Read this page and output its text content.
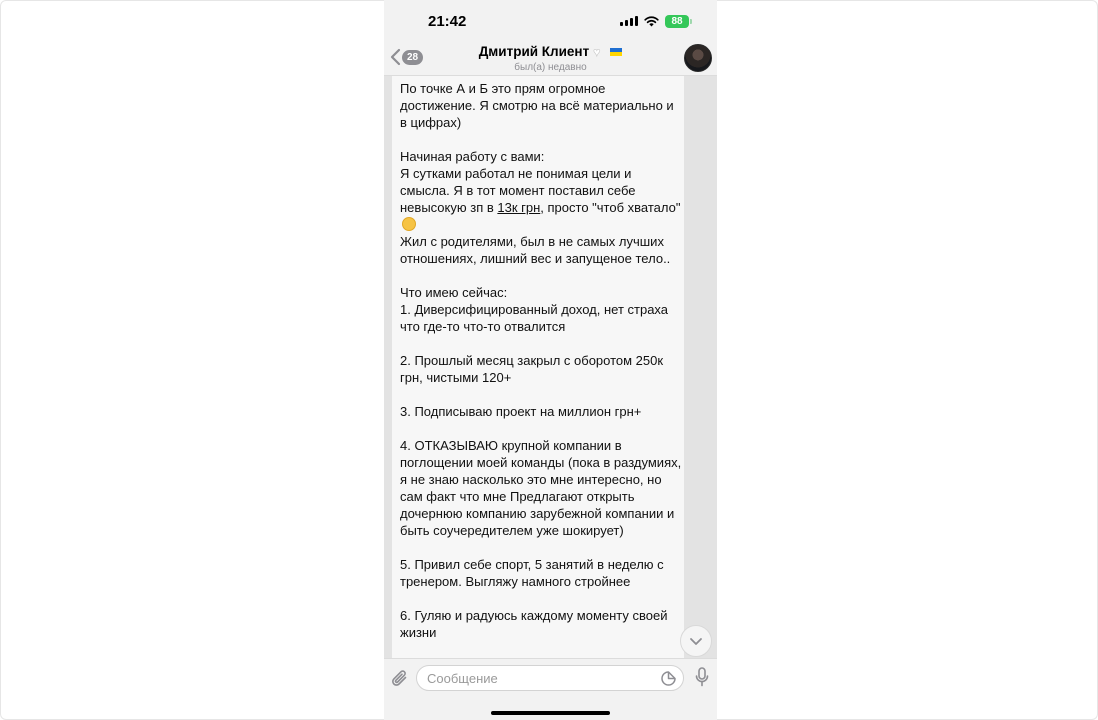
21:42	88
28	Дмитрий Клиент ♥
был(а) недавно

По точке А и Б это прям огромное достижение. Я смотрю на всё материально и в цифрах)

Начиная работу с вами:
Я сутками работал не понимая цели и смысла. Я в тот момент поставил себе невысокую зп в 13к грн, просто "чтоб хватало"
Жил с родителями, был в не самых лучших отношениях, лишний вес и запущеное тело..

Что имею сейчас:
1. Диверсифицированный доход, нет страха что где-то что-то отвалится

2. Прошлый месяц закрыл с оборотом 250к грн, чистыми 120+

3. Подписываю проект на миллион грн+

4. ОТКАЗЫВАЮ крупной компании в поглощении моей команды (пока в раздумиях, я не знаю насколько это мне интересно, но сам факт что мне Предлагают открыть дочернюю компанию зарубежной компании и быть соучередителем уже шокирует)

5. Привил себе спорт, 5 занятий в неделю с тренером. Выгляжу намного стройнее

6. Гуляю и радуюсь каждому моменту своей жизни

Сообщение
